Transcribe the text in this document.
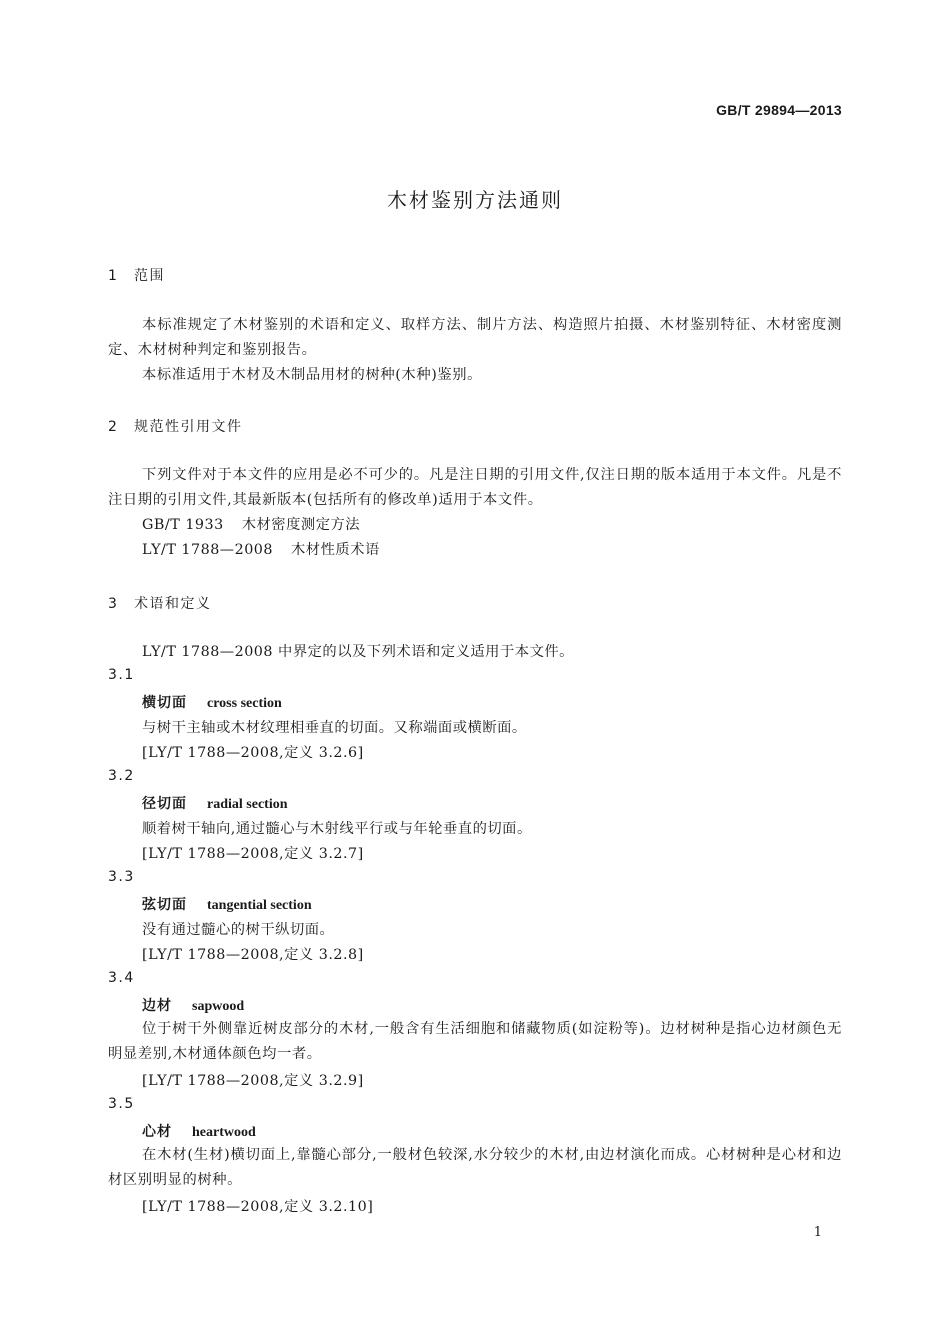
GB/T 29894—2013
木材鉴别方法通则
1 范围
本标准规定了木材鉴别的术语和定义、取样方法、制片方法、构造照片拍摄、木材鉴别特征、木材密度测定、木材树种判定和鉴别报告。
本标准适用于木材及木制品用材的树种(木种)鉴别。
2 规范性引用文件
下列文件对于本文件的应用是必不可少的。凡是注日期的引用文件,仅注日期的版本适用于本文件。凡是不注日期的引用文件,其最新版本(包括所有的修改单)适用于本文件。
GB/T 1933 木材密度测定方法
LY/T 1788—2008 木材性质术语
3 术语和定义
LY/T 1788—2008 中界定的以及下列术语和定义适用于本文件。
3.1
横切面 cross section
与树干主轴或木材纹理相垂直的切面。又称端面或横断面。
[LY/T 1788—2008,定义 3.2.6]
3.2
径切面 radial section
顺着树干轴向,通过髓心与木射线平行或与年轮垂直的切面。
[LY/T 1788—2008,定义 3.2.7]
3.3
弦切面 tangential section
没有通过髓心的树干纵切面。
[LY/T 1788—2008,定义 3.2.8]
3.4
边材 sapwood
位于树干外侧靠近树皮部分的木材,一般含有生活细胞和储藏物质(如淀粉等)。边材树种是指心边材颜色无明显差别,木材通体颜色均一者。
[LY/T 1788—2008,定义 3.2.9]
3.5
心材 heartwood
在木材(生材)横切面上,靠髓心部分,一般材色较深,水分较少的木材,由边材演化而成。心材树种是心材和边材区别明显的树种。
[LY/T 1788—2008,定义 3.2.10]
1
